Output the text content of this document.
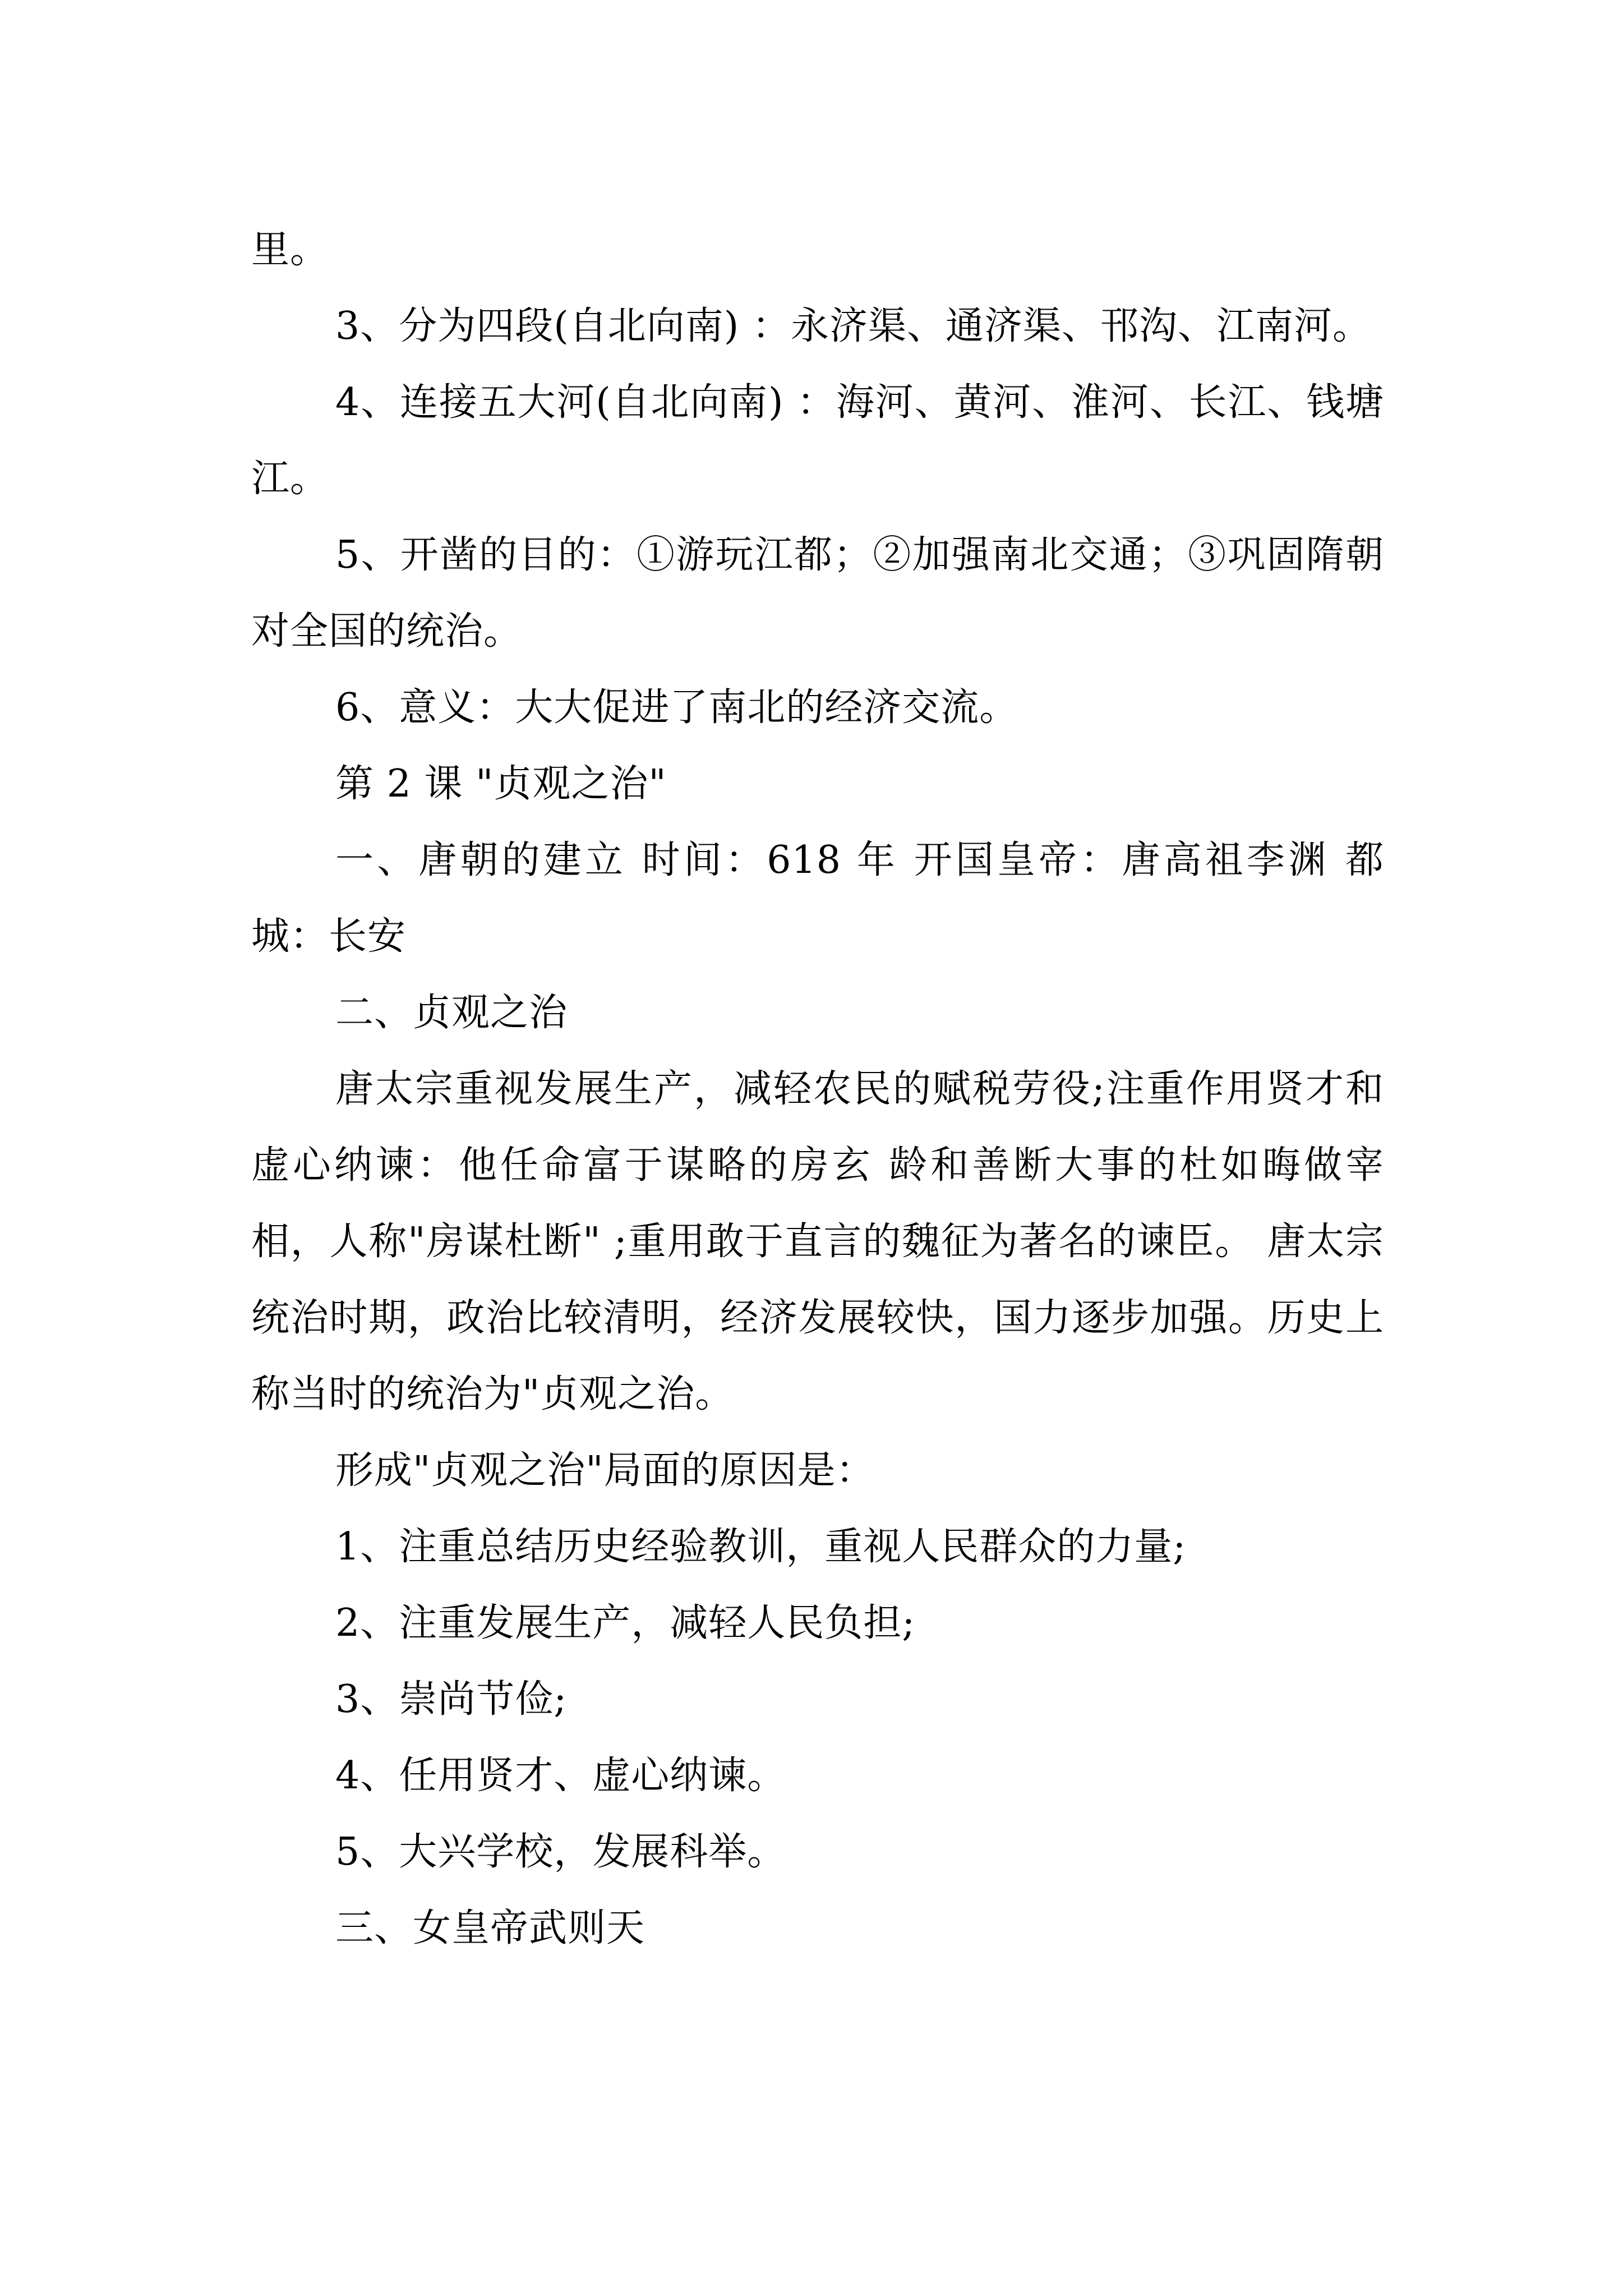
里。

3、分为四段(自北向南) ：永济渠、通济渠、邗沟、江南河。

4、连接五大河(自北向南) ：海河、黄河、淮河、长江、钱塘江。

5、开凿的目的：①游玩江都；②加强南北交通；③巩固隋朝对全国的统治。

6、意义：大大促进了南北的经济交流。

第 2 课 "贞观之治"

一、唐朝的建立 时间：618 年 开国皇帝：唐高祖李渊 都城：长安

二、贞观之治

唐太宗重视发展生产，减轻农民的赋税劳役;注重作用贤才和虚心纳谏：他任命富于谋略的房玄 龄和善断大事的杜如晦做宰相，人称"房谋杜断" ;重用敢于直言的魏征为著名的谏臣。 唐太宗统治时期，政治比较清明，经济发展较快，国力逐步加强。历史上称当时的统治为"贞观之治。

形成"贞观之治"局面的原因是：

1、注重总结历史经验教训，重视人民群众的力量;

2、注重发展生产，减轻人民负担;

3、崇尚节俭;

4、任用贤才、虚心纳谏。

5、大兴学校，发展科举。

三、女皇帝武则天
